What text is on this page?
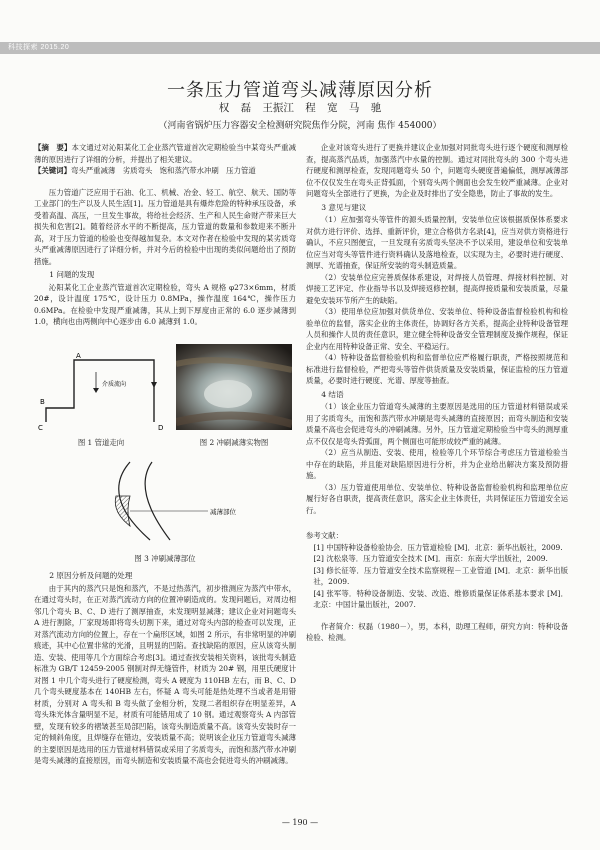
科技探索 2015.20
一条压力管道弯头减薄原因分析
权 磊 王振江 程 宽 马 驰
（河南省锅炉压力容器安全检测研究院焦作分院，河南 焦作 454000）

【摘　要】本文通过对沁阳某化工企业蒸汽管道首次定期检验当中某弯头严重减薄的原因进行了详细的分析，并提出了相关建议。

【关键词】弯头严重减薄　劣质弯头　饱和蒸汽带水冲刷　压力管道

压力管道广泛应用于石油、化工、机械、冶金、轻工、航空、航天、国防等工业部门的生产以及人民生活[1]。压力管道是具有爆炸危险的特种承压设备，承受着高温、高压，一旦发生事故，将给社会经济、生产和人民生命财产带来巨大损失和危害[2]。随着经济水平的不断提高，压力管道的数量和参数迎来不断升高，对于压力管道的检验也变得越加复杂。本文对作者在检验中发现的某劣质弯头严重减薄原因进行了详细分析，并对今后的检验中出现的类似问题给出了预防措施。

1 问题的发现

沁阳某化工企业蒸汽管道首次定期检验，弯头 A 规格 φ273×6mm，材质 20#，设计温度 175℃，设计压力 0.8MPa，操作温度 164℃，操作压力 0.6MPa。在检验中发现严重减薄，其从上到下厚度由正常的 6.0 逐步减薄到 1.0，横向也由两侧向中心逐步由 6.0 减薄到 1.0。

介质流向
A
B
C	D
图 1 管道走向	图 2 冲刷减薄实物图
减薄部位
图 3 冲刷减薄部位
2 原因分析及问题的处理

由于其内的蒸汽只是饱和蒸汽，不是过热蒸汽，初步推测应为蒸汽中带水，在通过弯头时，在正对蒸汽流动方向的位置冲刷造成的。发现问题后，对周边相邻几个弯头 B、C、D 进行了测厚抽查，未发现明显减薄；建议企业对问题弯头 A 进行割除，厂家现场即将弯头切割下来，通过对弯头内部的检查可以发现，正对蒸汽流动方向的位置上，存在一个扁形区域，如图 2 所示，有非常明显的冲刷痕迹，其中心位置非常的光滑，且明显的凹陷。查找缺陷的原因，应从该弯头制造、安装、使用等几个方面综合考虑[3]。通过查找安装相关资料，该批弯头制造标准为 GB/T 12459-2005 钢制对焊无缝管件，材质为 20# 钢，用里氏硬度计对图 1 中几个弯头进行了硬度检测，弯头 A 硬度为 110HB 左右，而 B、C、D 几个弯头硬度基本在 140HB 左右，怀疑 A 弯头可能是热处理不当或者是用错材质，分别对 A 弯头和 B 弯头做了金相分析，发现二者组织存在明显差异，A 弯头珠光体含量明显不足，材质有可能错用成了 10 钢。通过观察弯头 A 内部管壁，发现有较多的褶皱甚至局部凹陷，该弯头制造质量不高。该弯头安装时存一定的倾斜角度，且焊缝存在错边，安装质量不高；说明该企业压力管道弯头减薄的主要原因是选用的压力管道材料错误或采用了劣质弯头，而饱和蒸汽带水冲刷是弯头减薄的直接原因，而弯头制造和安装质量不高也会促进弯头的冲刷减薄。

企业对该弯头进行了更换并建议企业加强对同批弯头进行逐个硬度和测厚检查，提高蒸汽品质，加强蒸汽中水量的控制。通过对同批弯头的 300 个弯头进行硬度和测厚检查，发现同题弯头 50 个，问题弯头硬度普遍偏低，测厚减薄部位不仅仅发生在弯头正背弧面，个别弯头两个侧面也会发生较严重减薄。企业对问题弯头全部进行了更换，为企业及时排出了安全隐患，防止了事故的发生。

3 意见与建议

（1）应加强弯头等管件的源头质量控制，安装单位应该根据质保体系要求对供方进行评价、选择、重新评价，建立合格供方名录[4]，应当对供方资格进行确认，不应只图便宜，一旦发现有劣质弯头坚决不予以采用，建设单位和安装单位应当对弯头等管件进行资料确认及落地检查，以实现为主，必要时进行硬度、测厚、光谱抽查，保证所安装的弯头制造质量。

（2）安装单位应完善质保体系建设，对焊接人员管理、焊接材料控制、对焊接工艺评定、作业指导书以及焊接返修控制，提高焊接质量和安装质量，尽量避免安装环节所产生的缺陷。

（3）使用单位应加强对供货单位、安装单位、特种设备监督检验机构和检验单位的监督，落实企业的主体责任，协调好各方关系，提高企业特种设备管理人员和操作人员的责任意识，建立健全特种设备安全管理制度及操作规程，保证企业内在用特种设备正常、安全、平稳运行。

（4）特种设备监督检验机构和监督单位应严格履行职责，严格按照规范和标准进行监督检验，严把弯头等管件供货质量及安装质量，保证监检的压力管道质量，必要时进行硬度、光谱、厚度等抽查。

4 结语

（1）该企业压力管道弯头减薄的主要原因是选用的压力管道材料错误或采用了劣质弯头，而饱和蒸汽带水冲刷是弯头减薄的直接原因；而弯头制造和安装质量不高也会促进弯头的冲刷减薄。另外，压力管道定期检验当中弯头的测厚重点不仅仅是弯头背弧面，两个侧面也可能形成较严重的减薄。

（2）应当从制造、安装、使用，检验等几个环节综合考虑压力管道检验当中存在的缺陷，并且能对缺陷原因进行分析，并为企业给出解决方案及预防措施。

（3）压力管道使用单位、安装单位、特种设备监督检验机构和监理单位应履行好各自职责，提高责任意识，落实企业主体责任，共同保证压力管道安全运行。

参考文献：

[1] 中国特种设备检验协会．压力管道检验 [M]．北京：新华出版社，2009.

[2] 沈松泉等．压力管道安全技术 [M]．南京：东南大学出版社，2009.

[3] 修长征等．压力管道安全技术监察规程－工业管道 [M]．北京：新华出版社，2009.

[4] 张军等．特种设备制造、安装、改造、维修质量保证体系基本要求 [M]．北京：中国计量出版社，2007.

作者简介：权磊（1980－），男，本科，助理工程师，研究方向：特种设备检验、检测。

— 190 —
